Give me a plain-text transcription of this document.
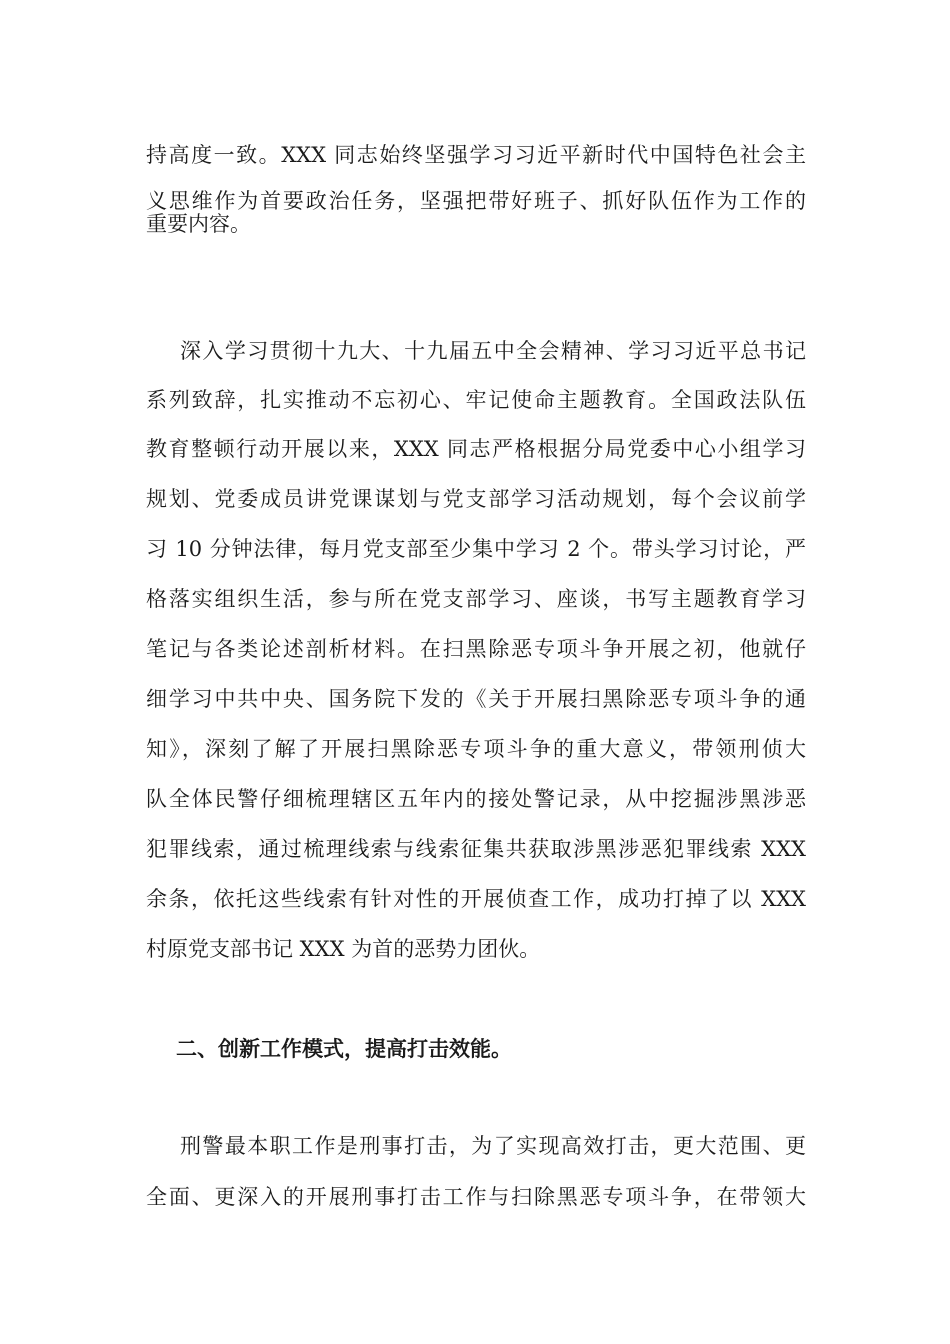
持高度一致。XXX 同志始终坚强学习习近平新时代中国特色社会主
义思维作为首要政治任务，坚强把带好班子、抓好队伍作为工作的
重要内容。
深入学习贯彻十九大、十九届五中全会精神、学习习近平总书记
系列致辞，扎实推动不忘初心、牢记使命主题教育。全国政法队伍
教育整顿行动开展以来，XXX 同志严格根据分局党委中心小组学习
规划、党委成员讲党课谋划与党支部学习活动规划，每个会议前学
习 10 分钟法律，每月党支部至少集中学习 2 个。带头学习讨论，严
格落实组织生活，参与所在党支部学习、座谈，书写主题教育学习
笔记与各类论述剖析材料。在扫黑除恶专项斗争开展之初，他就仔
细学习中共中央、国务院下发的《关于开展扫黑除恶专项斗争的通
知》，深刻了解了开展扫黑除恶专项斗争的重大意义，带领刑侦大
队全体民警仔细梳理辖区五年内的接处警记录，从中挖掘涉黑涉恶
犯罪线索，通过梳理线索与线索征集共获取涉黑涉恶犯罪线索 XXX
余条，依托这些线索有针对性的开展侦查工作，成功打掉了以 XXX
村原党支部书记 XXX 为首的恶势力团伙。
二、创新工作模式，提高打击效能。
刑警最本职工作是刑事打击，为了实现高效打击，更大范围、更
全面、更深入的开展刑事打击工作与扫除黑恶专项斗争，在带领大
